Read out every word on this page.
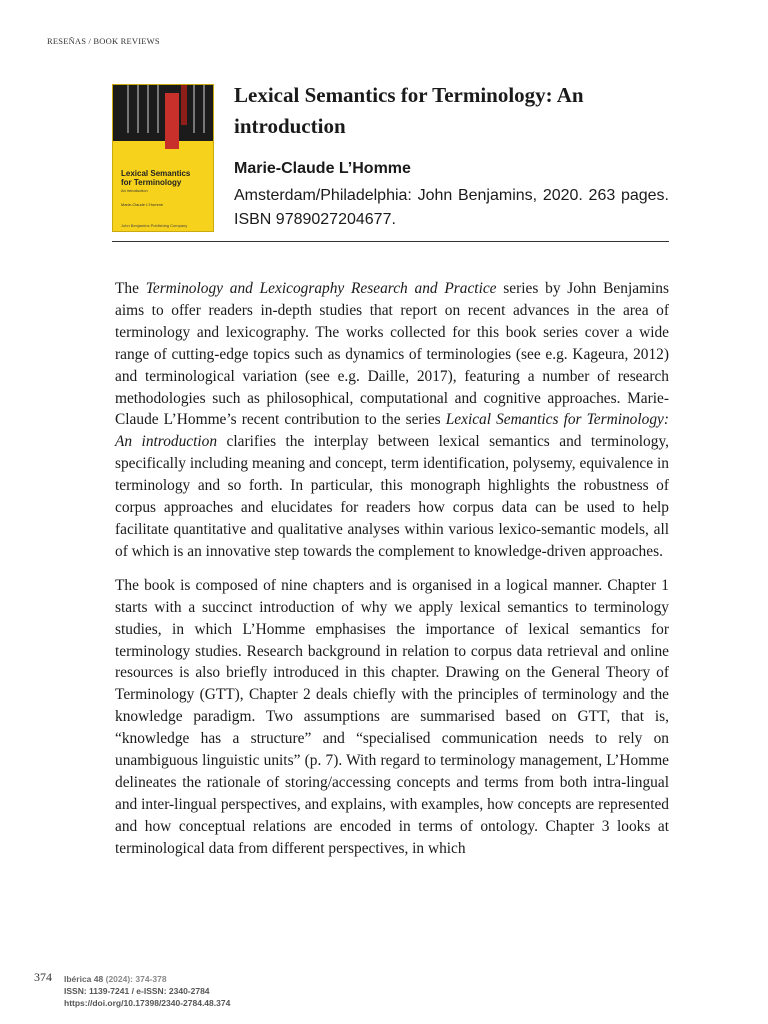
RESEÑAS / BOOK REVIEWS
Lexical Semantics
for Terminology
An introduction
Marie-Claude L'Homme
John Benjamins Publishing Company
Lexical Semantics for Terminology: An introduction
Marie-Claude L’Homme
Amsterdam/Philadelphia: John Benjamins, 2020. 263 pages. ISBN 9789027204677.

The Terminology and Lexicography Research and Practice series by John Benjamins aims to offer readers in-depth studies that report on recent advances in the area of terminology and lexicography. The works collected for this book series cover a wide range of cutting-edge topics such as dynamics of terminologies (see e.g. Kageura, 2012) and terminological variation (see e.g. Daille, 2017), featuring a number of research methodologies such as philosophical, computational and cognitive approaches. Marie-Claude L’Homme’s recent contribution to the series Lexical Semantics for Terminology: An introduction clarifies the interplay between lexical semantics and terminology, specifically including meaning and concept, term identification, polysemy, equivalence in terminology and so forth. In particular, this monograph highlights the robustness of corpus approaches and elucidates for readers how corpus data can be used to help facilitate quantitative and qualitative analyses within various lexico-semantic models, all of which is an innovative step towards the complement to knowledge-driven approaches.

The book is composed of nine chapters and is organised in a logical manner. Chapter 1 starts with a succinct introduction of why we apply lexical semantics to terminology studies, in which L’Homme emphasises the importance of lexical semantics for terminology studies. Research background in relation to corpus data retrieval and online resources is also briefly introduced in this chapter. Drawing on the General Theory of Terminology (GTT), Chapter 2 deals chiefly with the principles of terminology and the knowledge paradigm. Two assumptions are summarised based on GTT, that is, “knowledge has a structure” and “specialised communication needs to rely on unambiguous linguistic units” (p. 7). With regard to terminology management, L’Homme delineates the rationale of storing/accessing concepts and terms from both intra-lingual and inter-lingual perspectives, and explains, with examples, how concepts are represented and how conceptual relations are encoded in terms of ontology. Chapter 3 looks at terminological data from different perspectives, in which

374 Ibérica 48 (2024): 374-378
ISSN: 1139-7241 / e-ISSN: 2340-2784
https://doi.org/10.17398/2340-2784.48.374
